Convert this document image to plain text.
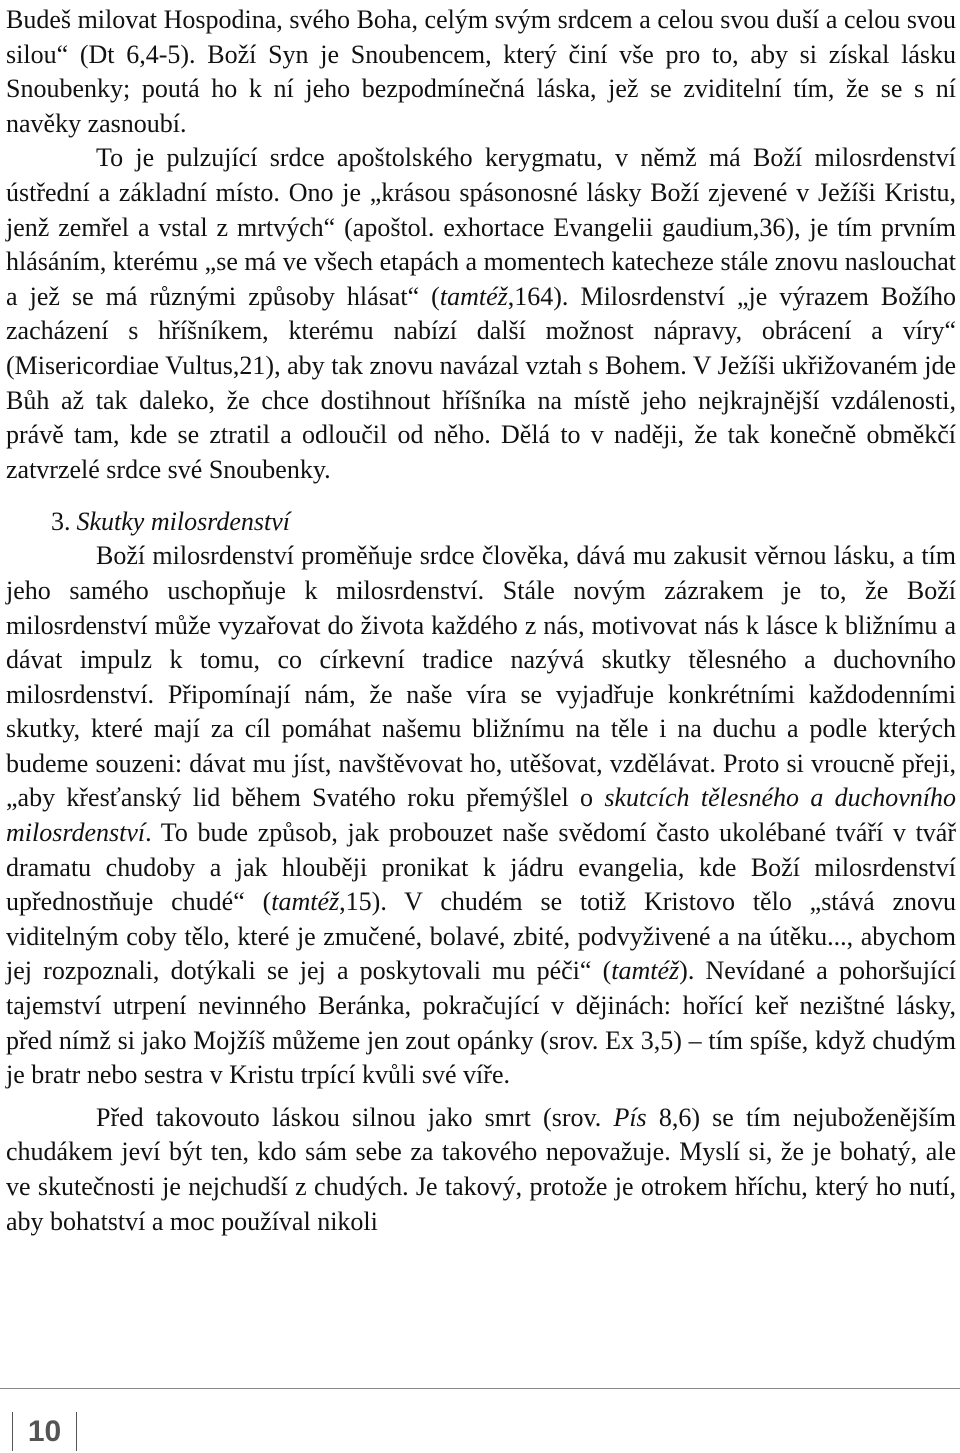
Budeš milovat Hospodina, svého Boha, celým svým srdcem a celou svou duší a celou svou silou“ (Dt 6,4-5). Boží Syn je Snoubencem, který činí vše pro to, aby si získal lásku Snoubenky; poutá ho k ní jeho bezpodmínečná láska, jež se zviditelní tím, že se s ní navěky zasnoubí.

To je pulzující srdce apoštolského kerygmatu, v němž má Boží milosrdenství ústřední a základní místo. Ono je „krásou spásonosné lásky Boží zjevené v Ježíši Kristu, jenž zemřel a vstal z mrtvých“ (apoštol. exhortace Evangelii gaudium,36), je tím prvním hlásáním, kterému „se má ve všech etapách a momentech katecheze stále znovu naslouchat a jež se má různými způsoby hlásat“ (tamtéž,164). Milosrdenství „je výrazem Božího zacházení s hříšníkem, kterému nabízí další možnost nápravy, obrácení a víry“ (Misericordiae Vultus,21), aby tak znovu navázal vztah s Bohem. V Ježíši ukřižovaném jde Bůh až tak daleko, že chce dostihnout hříšníka na místě jeho nejkrajnější vzdálenosti, právě tam, kde se ztratil a odloučil od něho. Dělá to v naději, že tak konečně obměkčí zatvrzelé srdce své Snoubenky.

3. Skutky milosrdenství

Boží milosrdenství proměňuje srdce člověka, dává mu zakusit věrnou lásku, a tím jeho samého uschopňuje k milosrdenství. Stále novým zázrakem je to, že Boží milosrdenství může vyzařovat do života každého z nás, motivovat nás k lásce k bližnímu a dávat impulz k tomu, co církevní tradice nazývá skutky tělesného a duchovního milosrdenství. Připomínají nám, že naše víra se vyjadřuje konkrétními každodenními skutky, které mají za cíl pomáhat našemu bližnímu na těle i na duchu a podle kterých budeme souzeni: dávat mu jíst, navštěvovat ho, utěšovat, vzdělávat. Proto si vroucně přeji, „aby křesťanský lid během Svatého roku přemýšlel o skutcích tělesného a duchovního milosrdenství. To bude způsob, jak probouzet naše svědomí často ukolébané tváří v tvář dramatu chudoby a jak hlouběji pronikat k jádru evangelia, kde Boží milosrdenství upřednostňuje chudé“ (tamtéž,15). V chudém se totiž Kristovo tělo „stává znovu viditelným coby tělo, které je zmučené, bolavé, zbité, podvyživené a na útěku..., abychom jej rozpoznali, dotýkali se jej a poskytovali mu péči“ (tamtéž). Nevídané a pohoršující tajemství utrpení nevinného Beránka, pokračující v dějinách: hořící keř nezištné lásky, před nímž si jako Mojžíš můžeme jen zout opánky (srov. Ex 3,5) – tím spíše, když chudým je bratr nebo sestra v Kristu trpící kvůli své víře.

Před takovouto láskou silnou jako smrt (srov. Pís 8,6) se tím nejuboženějším chudákem jeví být ten, kdo sám sebe za takového nepovažuje. Myslí si, že je bohatý, ale ve skutečnosti je nejchudší z chudých. Je takový, protože je otrokem hříchu, který ho nutí, aby bohatství a moc používal nikoli

10
